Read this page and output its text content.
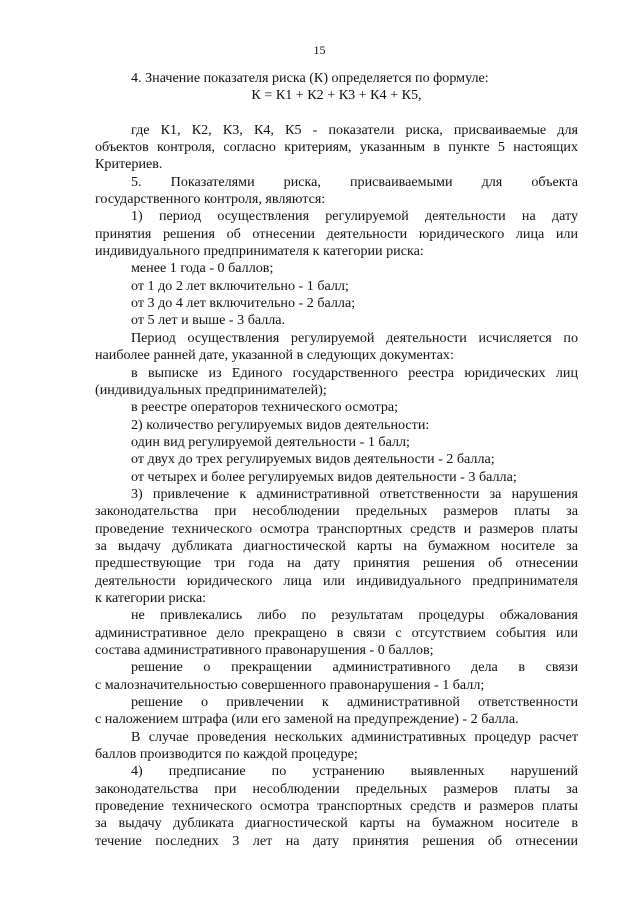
15
4. Значение показателя риска (К) определяется по формуле:
К = К1 + К2 + К3 + К4 + К5,
где К1, К2, К3, К4, К5 - показатели риска, присваиваемые для
объектов контроля, согласно критериям, указанным в пункте 5 настоящих
Критериев.
5. Показателями риска, присваиваемыми для объекта
государственного контроля, являются:
1) период осуществления регулируемой деятельности на дату
принятия решения об отнесении деятельности юридического лица или
индивидуального предпринимателя к категории риска:
менее 1 года - 0 баллов;
от 1 до 2 лет включительно - 1 балл;
от 3 до 4 лет включительно - 2 балла;
от 5 лет и выше - 3 балла.
Период осуществления регулируемой деятельности исчисляется по
наиболее ранней дате, указанной в следующих документах:
в выписке из Единого государственного реестра юридических лиц
(индивидуальных предпринимателей);
в реестре операторов технического осмотра;
2) количество регулируемых видов деятельности:
один вид регулируемой деятельности - 1 балл;
от двух до трех регулируемых видов деятельности - 2 балла;
от четырех и более регулируемых видов деятельности - 3 балла;
3) привлечение к административной ответственности за нарушения
законодательства при несоблюдении предельных размеров платы за
проведение технического осмотра транспортных средств и размеров платы
за выдачу дубликата диагностической карты на бумажном носителе за
предшествующие три года на дату принятия решения об отнесении
деятельности юридического лица или индивидуального предпринимателя
к категории риска:
не привлекались либо по результатам процедуры обжалования
административное дело прекращено в связи с отсутствием события или
состава административного правонарушения - 0 баллов;
решение о прекращении административного дела в связи
с малозначительностью совершенного правонарушения - 1 балл;
решение о привлечении к административной ответственности
с наложением штрафа (или его заменой на предупреждение) - 2 балла.
В случае проведения нескольких административных процедур расчет
баллов производится по каждой процедуре;
4) предписание по устранению выявленных нарушений
законодательства при несоблюдении предельных размеров платы за
проведение технического осмотра транспортных средств и размеров платы
за выдачу дубликата диагностической карты на бумажном носителе в
течение последних 3 лет на дату принятия решения об отнесении
